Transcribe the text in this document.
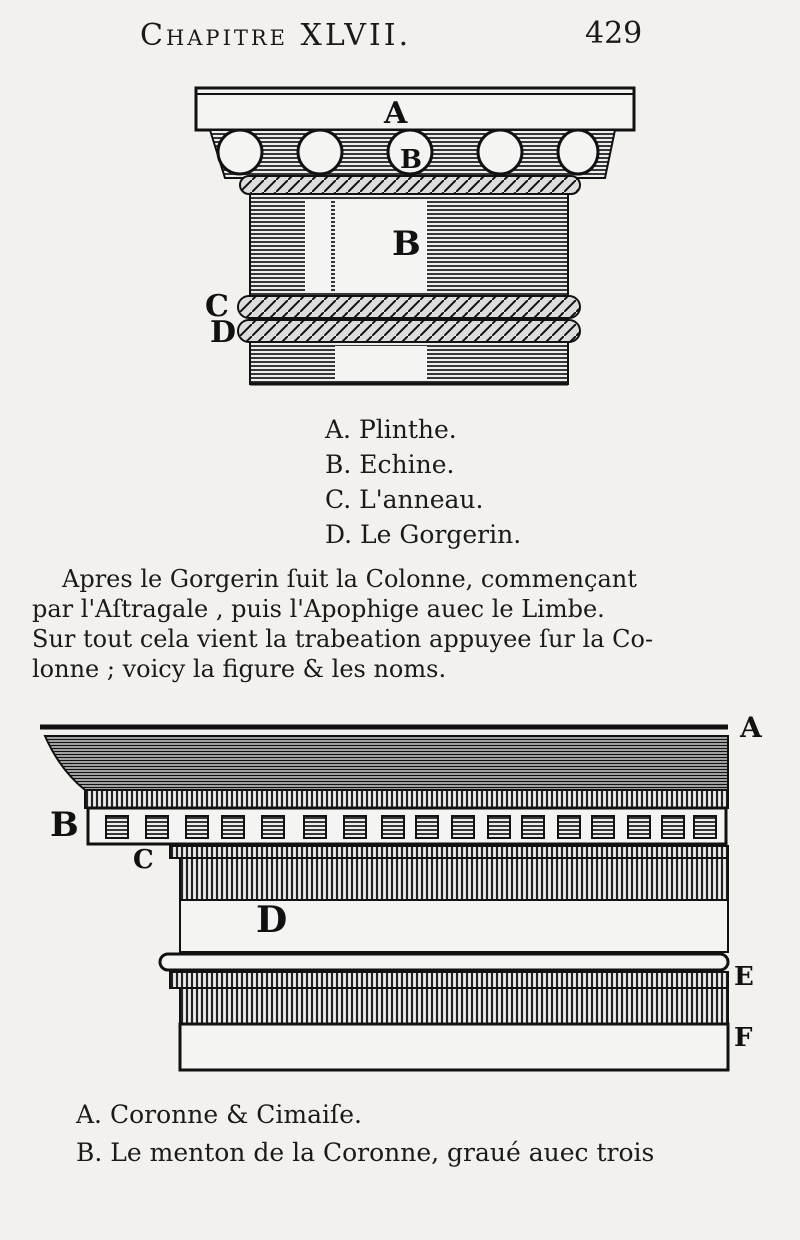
Chapitre XLVII.	429
A
B
B
C
D
A
B
C
D
E
F
A. Plinthe.
B. Echine.
C. L'anneau.
D. Le Gorgerin.
Apres le Gorgerin ſuit la Colonne, commençant
par l'Aſtragale , puis l'Apophige auec le Limbe.
Sur tout cela vient la trabeation appuyee ſur la Co-
lonne ; voicy la figure & les noms.
A. Coronne & Cimaiſe.
B. Le menton de la Coronne, graué auec trois
